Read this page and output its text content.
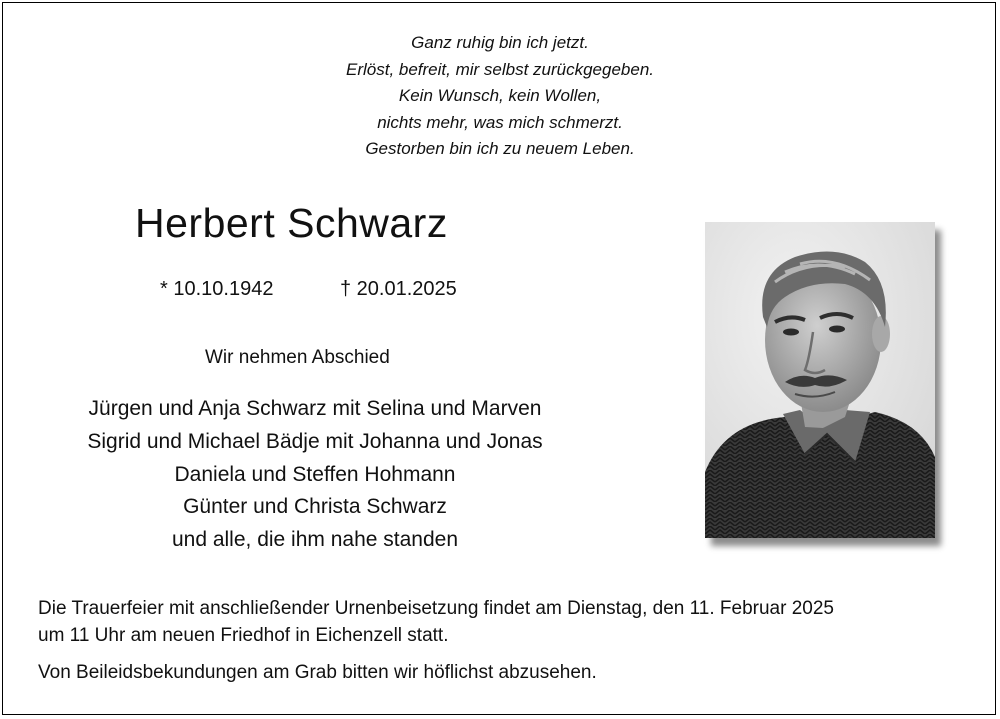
Ganz ruhig bin ich jetzt.
Erlöst, befreit, mir selbst zurückgegeben.
Kein Wunsch, kein Wollen,
nichts mehr, was mich schmerzt.
Gestorben bin ich zu neuem Leben.
Herbert Schwarz
* 10.10.1942	† 20.01.2025
Wir nehmen Abschied
Jürgen und Anja Schwarz mit Selina und Marven
Sigrid und Michael Bädje mit Johanna und Jonas
Daniela und Steffen Hohmann
Günter und Christa Schwarz
und alle, die ihm nahe standen
Die Trauerfeier mit anschließender Urnenbeisetzung findet am Dienstag, den 11. Februar 2025
um 11 Uhr am neuen Friedhof in Eichenzell statt.
Von Beileidsbekundungen am Grab bitten wir höflichst abzusehen.
